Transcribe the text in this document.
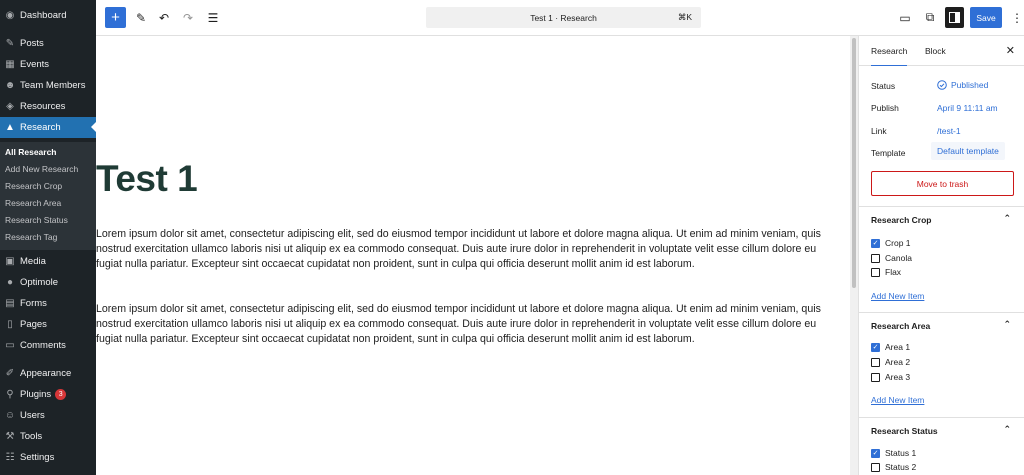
◉ Dashboard
✎ Posts
▦ Events
☻ Team Members
◈ Resources
▲ Research
▣ Media
● Optimole
▤ Forms
▯ Pages
▭ Comments
✐ Appearance
⚲ Plugins	3
☺ Users
⚒ Tools
☷ Settings
All Research
Add New Research
Research Crop
Research Area
Research Status
Research Tag
+	✎	↶	↷	☰	Test 1 · Research	⌘K	▭	⧉	Save	⋮
Test 1

Lorem ipsum dolor sit amet, consectetur adipiscing elit, sed do eiusmod tempor incididunt ut labore et dolore magna aliqua. Ut enim ad minim veniam, quis nostrud exercitation ullamco laboris nisi ut aliquip ex ea commodo consequat. Duis aute irure dolor in reprehenderit in voluptate velit esse cillum dolore eu fugiat nulla pariatur. Excepteur sint occaecat cupidatat non proident, sunt in culpa qui officia deserunt mollit anim id est laborum.

Lorem ipsum dolor sit amet, consectetur adipiscing elit, sed do eiusmod tempor incididunt ut labore et dolore magna aliqua. Ut enim ad minim veniam, quis nostrud exercitation ullamco laboris nisi ut aliquip ex ea commodo consequat. Duis aute irure dolor in reprehenderit in voluptate velit esse cillum dolore eu fugiat nulla pariatur. Excepteur sint occaecat cupidatat non proident, sunt in culpa qui officia deserunt mollit anim id est laborum.

Research Block	✕
Status	Published
Publish	April 9 11:11 am
Link	/test-1
Template	Default template
Move to trash
Research Crop	⌃
✓ Crop 1
Canola
Flax
Add New Item
Research Area	⌃
✓ Area 1
Area 2
Area 3
Add New Item
Research Status	⌃
✓ Status 1
Status 2
